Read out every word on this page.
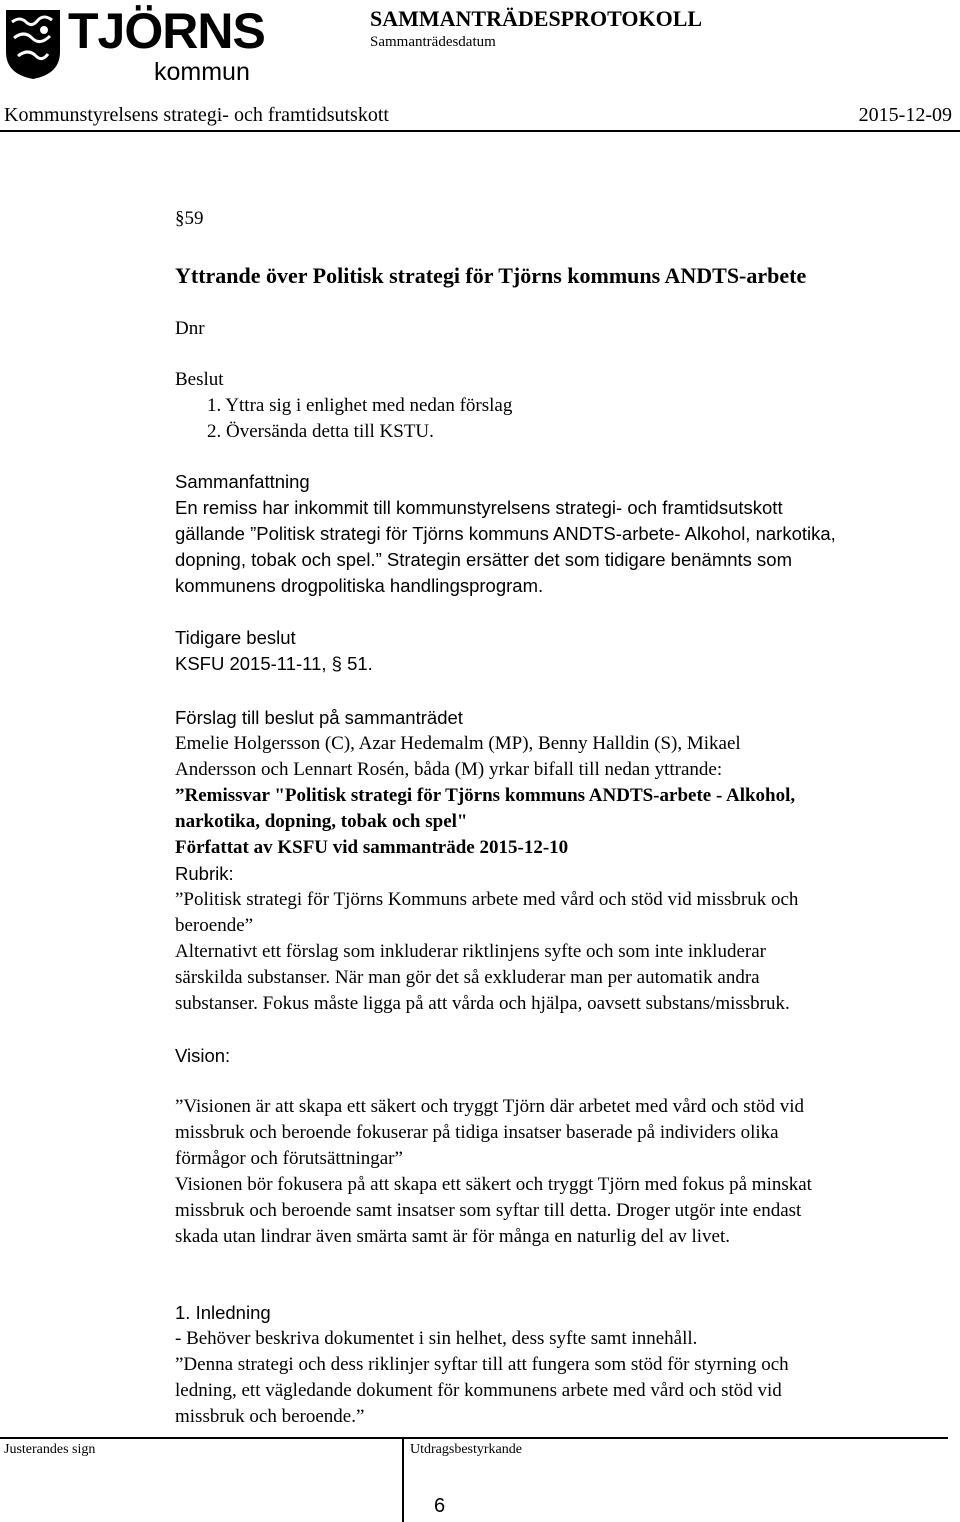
TJÖRNS
kommun
SAMMANTRÄDESPROTOKOLL
Sammanträdesdatum
Kommunstyrelsens strategi- och framtidsutskott	2015-12-09

§59

Yttrande över Politisk strategi för Tjörns kommuns ANDTS-arbete

Dnr

Beslut

1. Yttra sig i enlighet med nedan förslag

2. Översända detta till KSTU.

Sammanfattning

En remiss har inkommit till kommunstyrelsens strategi- och framtidsutskott

gällande ”Politisk strategi för Tjörns kommuns ANDTS-arbete- Alkohol, narkotika,

dopning, tobak och spel.” Strategin ersätter det som tidigare benämnts som

kommunens drogpolitiska handlingsprogram.

Tidigare beslut

KSFU 2015-11-11, § 51.

Förslag till beslut på sammanträdet

Emelie Holgersson (C), Azar Hedemalm (MP), Benny Halldin (S), Mikael

Andersson och Lennart Rosén, båda (M) yrkar bifall till nedan yttrande:

”Remissvar "Politisk strategi för Tjörns kommuns ANDTS-arbete - Alkohol,

narkotika, dopning, tobak och spel"

Författat av KSFU vid sammanträde 2015-12-10

Rubrik:

”Politisk strategi för Tjörns Kommuns arbete med vård och stöd vid missbruk och

beroende”

Alternativt ett förslag som inkluderar riktlinjens syfte och som inte inkluderar

särskilda substanser. När man gör det så exkluderar man per automatik andra

substanser. Fokus måste ligga på att vårda och hjälpa, oavsett substans/missbruk.

Vision:

”Visionen är att skapa ett säkert och tryggt Tjörn där arbetet med vård och stöd vid

missbruk och beroende fokuserar på tidiga insatser baserade på individers olika

förmågor och förutsättningar”

Visionen bör fokusera på att skapa ett säkert och tryggt Tjörn med fokus på minskat

missbruk och beroende samt insatser som syftar till detta. Droger utgör inte endast

skada utan lindrar även smärta samt är för många en naturlig del av livet.

1. Inledning

- Behöver beskriva dokumentet i sin helhet, dess syfte samt innehåll.

”Denna strategi och dess riklinjer syftar till att fungera som stöd för styrning och

ledning, ett vägledande dokument för kommunens arbete med vård och stöd vid

missbruk och beroende.”

Justerandes sign	Utdragsbestyrkande
6
